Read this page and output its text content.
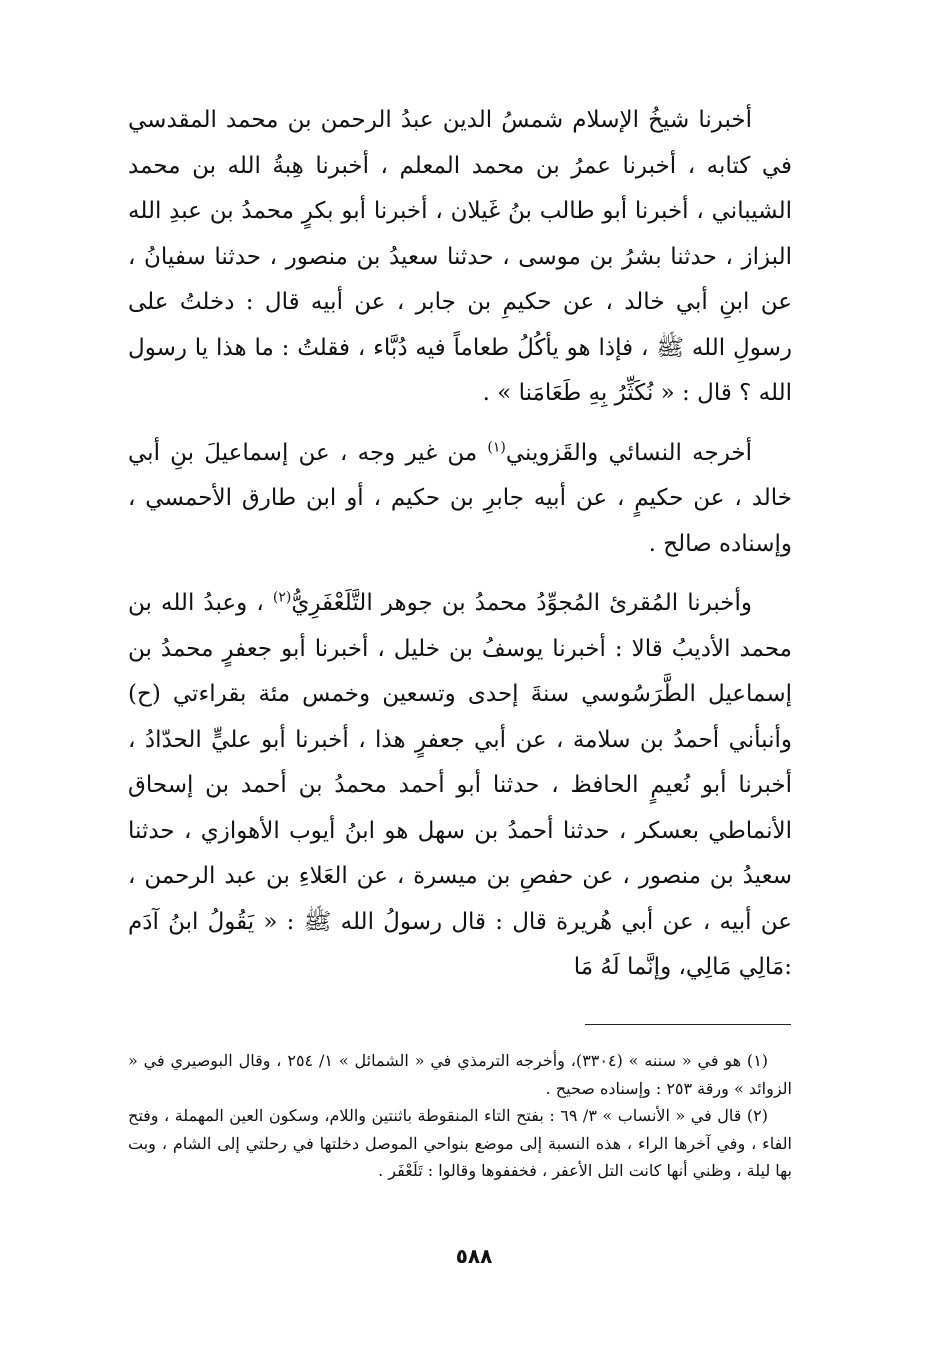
أخبرنا شيخُ الإسلام شمسُ الدين عبدُ الرحمن بن محمد المقدسي في كتابه ، أخبرنا عمرُ بن محمد المعلم ، أخبرنا هِبةُ الله بن محمد الشيباني ، أخبرنا أبو طالب بنُ غَيلان ، أخبرنا أبو بكرٍ محمدُ بن عبدِ الله البزاز ، حدثنا بشرُ بن موسى ، حدثنا سعيدُ بن منصور ، حدثنا سفيانُ ، عن ابنِ أبي خالد ، عن حكيمِ بن جابر ، عن أبيه قال : دخلتُ على رسولِ الله ﷺ ، فإذا هو يأكُلُ طعاماً فيه دُبَّاء ، فقلتُ : ما هذا يا رسول الله ؟ قال : « نُكَثِّرُ بِهِ طَعَامَنا » .

أخرجه النسائي والقَزويني$^{(١)}$ من غير وجه ، عن إسماعيلَ بنِ أبي خالد ، عن حكيمٍ ، عن أبيه جابرِ بن حكيم ، أو ابن طارق الأحمسي ، وإسناده صالح .

وأخبرنا المُقرئ المُجوِّدُ محمدُ بن جوهر التَّلَعْفَرِيُّ$^{(٢)}$ ، وعبدُ الله بن محمد الأديبُ قالا : أخبرنا يوسفُ بن خليل ، أخبرنا أبو جعفرٍ محمدُ بن إسماعيل الطَّرَسُوسي سنةَ إحدى وتسعين وخمس مئة بقراءتي (ح) وأنبأني أحمدُ بن سلامة ، عن أبي جعفرٍ هذا ، أخبرنا أبو عليٍّ الحدّادُ ، أخبرنا أبو نُعيمٍ الحافظ ، حدثنا أبو أحمد محمدُ بن أحمد بن إسحاق الأنماطي بعسكر ، حدثنا أحمدُ بن سهل هو ابنُ أيوب الأهوازي ، حدثنا سعيدُ بن منصور ، عن حفصِ بن ميسرة ، عن العَلاءِ بن عبد الرحمن ، عن أبيه ، عن أبي هُريرة قال : قال رسولُ الله ﷺ : « يَقُولُ ابنُ آدَم :مَالِي مَالِي، وإنَّما لَهُ مَا

(١) هو في « سننه » (٣٣٠٤)، وأخرجه الترمذي في « الشمائل » ١/ ٢٥٤ ، وقال البوصيري في « الزوائد » ورقة ٢٥٣ : وإسناده صحيح .

(٢) قال في « الأنساب » ٣/ ٦٩ : بفتح التاء المنقوطة باثنتين واللام، وسكون العين المهملة ، وفتح الفاء ، وفي آخرها الراء ، هذه النسبة إلى موضع بنواحي الموصل دخلتها في رحلتي إلى الشام ، وبت بها ليلة ، وظني أنها كانت التل الأعفر ، فخففوها وقالوا : تَلَعْفَر .

٥٨٨
